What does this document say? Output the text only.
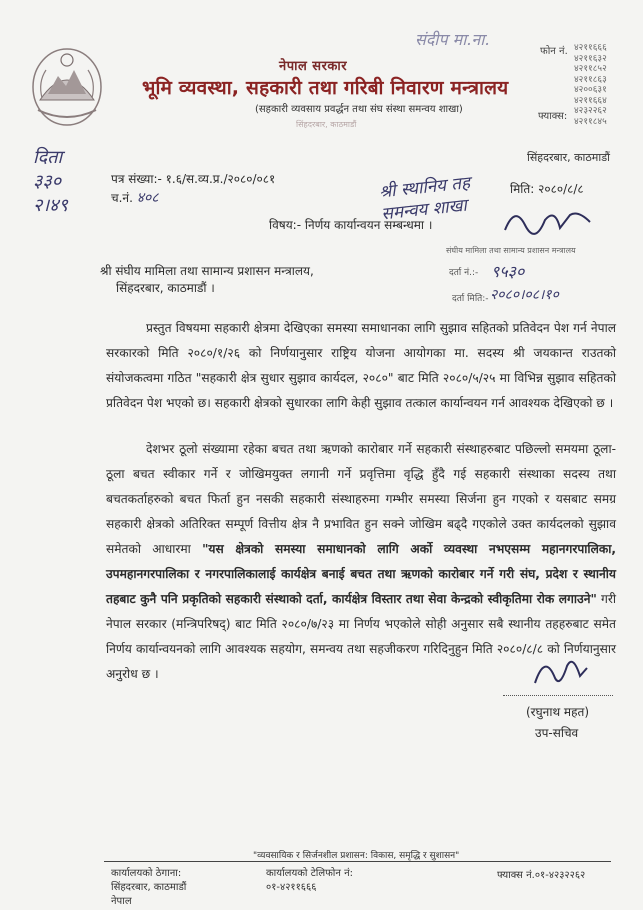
नेपाल सरकार
भूमि व्यवस्था, सहकारी तथा गरिबी निवारण मन्त्रालय
(सहकारी व्यवसाय प्रवर्द्धन तथा संघ संस्था समन्वय शाखा)
सिंहदरबार, काठमाडौं
फोन नं. ४२११६६६
४२११६३२
४२११८५२
४२११८६३
४२००६३१
४२११६६४
४२३२२६२
४२११८४५
फ्याक्स:
सिंहदरबार, काठमाडौं
संदीप मा.ना.
दिता
३३०
२।४९
श्री स्थानिय तह समन्वय शाखा
पत्र संख्या:- १.६/स.व्य.प्र./२०८०/०८१
च.नं. ४०८
मिति: २०८०/८/८
विषय:- निर्णय कार्यान्वयन सम्बन्धमा ।
श्री संघीय मामिला तथा सामान्य प्रशासन मन्त्रालय,
सिंहदरबार, काठमाडौं ।
संघीय मामिला तथा सामान्य प्रशासन मन्त्रालय
दर्ता नं.:- ९५३०
दर्ता मिति:- २०८०।०८।१०
प्रस्तुत विषयमा सहकारी क्षेत्रमा देखिएका समस्या समाधानका लागि सुझाव सहितको प्रतिवेदन पेश गर्न नेपाल सरकारको मिति २०८०/१/२६ को निर्णयानुसार राष्ट्रिय योजना आयोगका मा. सदस्य श्री जयकान्त राउतको संयोजकत्वमा गठित "सहकारी क्षेत्र सुधार सुझाव कार्यदल, २०८०" बाट मिति २०८०/५/२५ मा विभिन्न सुझाव सहितको प्रतिवेदन पेश भएको छ। सहकारी क्षेत्रको सुधारका लागि केही सुझाव तत्काल कार्यान्वयन गर्न आवश्यक देखिएको छ ।
देशभर ठूलो संख्यामा रहेका बचत तथा ऋणको कारोबार गर्ने सहकारी संस्थाहरुबाट पछिल्लो समयमा ठूला-ठूला बचत स्वीकार गर्ने र जोखिमयुक्त लगानी गर्ने प्रवृत्तिमा वृद्धि हुँदै गई सहकारी संस्थाका सदस्य तथा बचतकर्ताहरुको बचत फिर्ता हुन नसकी सहकारी संस्थाहरुमा गम्भीर समस्या सिर्जना हुन गएको र यसबाट समग्र सहकारी क्षेत्रको अतिरिक्त सम्पूर्ण वित्तीय क्षेत्र नै प्रभावित हुन सक्ने जोखिम बढ्दै गएकोले उक्त कार्यदलको सुझाव समेतको आधारमा "यस क्षेत्रको समस्या समाधानको लागि अर्को व्यवस्था नभएसम्म महानगरपालिका, उपमहानगरपालिका र नगरपालिकालाई कार्यक्षेत्र बनाई बचत तथा ऋणको कारोबार गर्ने गरी संघ, प्रदेश र स्थानीय तहबाट कुनै पनि प्रकृतिको सहकारी संस्थाको दर्ता, कार्यक्षेत्र विस्तार तथा सेवा केन्द्रको स्वीकृतिमा रोक लगाउने" गरी नेपाल सरकार (मन्त्रिपरिषद्) बाट मिति २०८०/७/२३ मा निर्णय भएकोले सोही अनुसार सबै स्थानीय तहहरुबाट समेत निर्णय कार्यान्वयनको लागि आवश्यक सहयोग, समन्वय तथा सहजीकरण गरिदिनुहुन मिति २०८०/८/८ को निर्णयानुसार अनुरोध छ ।
(रघुनाथ महत)
उप-सचिव
"व्यवसायिक र सिर्जनशील प्रशासन: विकास, समृद्धि र सुशासन"
कार्यालयको ठेगाना:
सिंहदरबार, काठमाडौं
नेपाल
कार्यालयको टेलिफोन नं:
०१-४२११६६६
फ्याक्स नं.०१-४२३२२६२
